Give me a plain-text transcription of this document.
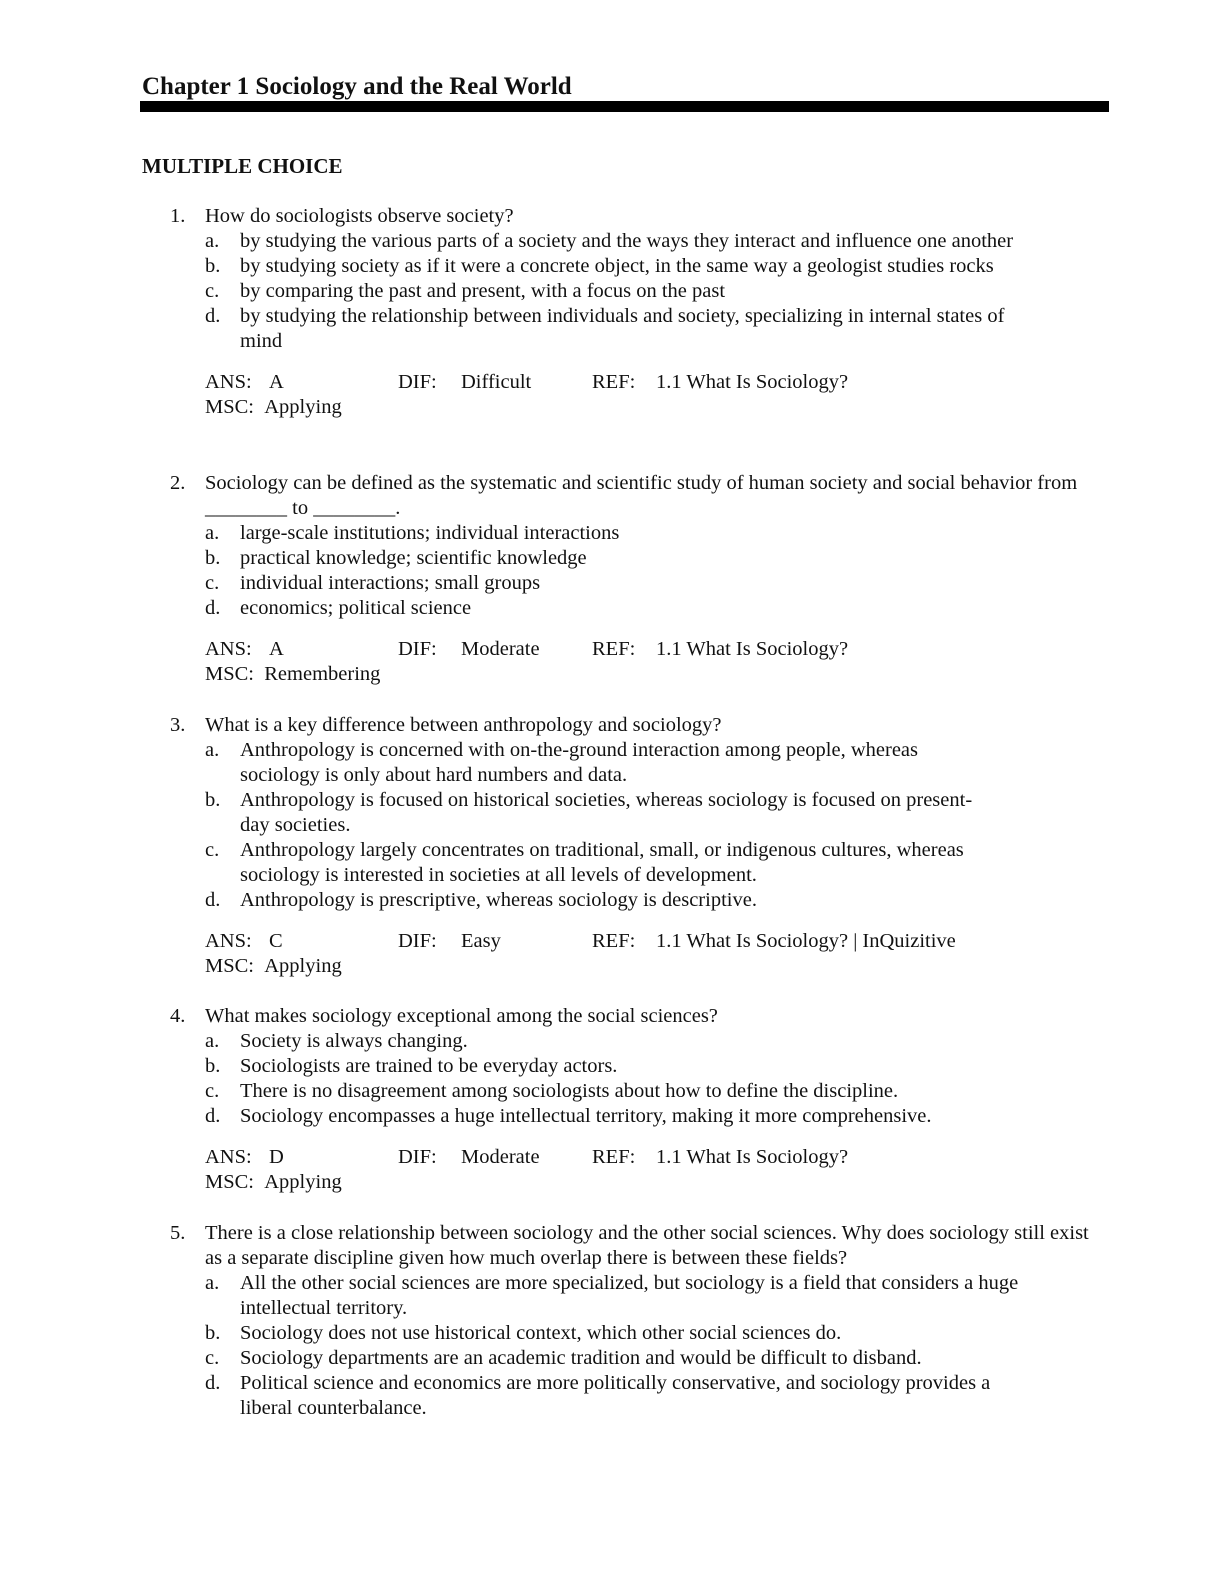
Chapter 1 Sociology and the Real World
MULTIPLE CHOICE
1. How do sociologists observe society?
a. by studying the various parts of a society and the ways they interact and influence one another
b. by studying society as if it were a concrete object, in the same way a geologist studies rocks
c. by comparing the past and present, with a focus on the past
d. by studying the relationship between individuals and society, specializing in internal states of mind
ANS: A	DIF: Difficult	REF: 1.1 What Is Sociology?
MSC: Applying
2. Sociology can be defined as the systematic and scientific study of human society and social behavior from ________ to ________.
a. large-scale institutions; individual interactions
b. practical knowledge; scientific knowledge
c. individual interactions; small groups
d. economics; political science
ANS: A	DIF: Moderate	REF: 1.1 What Is Sociology?
MSC: Remembering
3. What is a key difference between anthropology and sociology?
a. Anthropology is concerned with on-the-ground interaction among people, whereas sociology is only about hard numbers and data.
b. Anthropology is focused on historical societies, whereas sociology is focused on present-day societies.
c. Anthropology largely concentrates on traditional, small, or indigenous cultures, whereas sociology is interested in societies at all levels of development.
d. Anthropology is prescriptive, whereas sociology is descriptive.
ANS: C	DIF: Easy	REF: 1.1 What Is Sociology? | InQuizitive
MSC: Applying
4. What makes sociology exceptional among the social sciences?
a. Society is always changing.
b. Sociologists are trained to be everyday actors.
c. There is no disagreement among sociologists about how to define the discipline.
d. Sociology encompasses a huge intellectual territory, making it more comprehensive.
ANS: D	DIF: Moderate	REF: 1.1 What Is Sociology?
MSC: Applying
5. There is a close relationship between sociology and the other social sciences. Why does sociology still exist as a separate discipline given how much overlap there is between these fields?
a. All the other social sciences are more specialized, but sociology is a field that considers a huge intellectual territory.
b. Sociology does not use historical context, which other social sciences do.
c. Sociology departments are an academic tradition and would be difficult to disband.
d. Political science and economics are more politically conservative, and sociology provides a liberal counterbalance.
